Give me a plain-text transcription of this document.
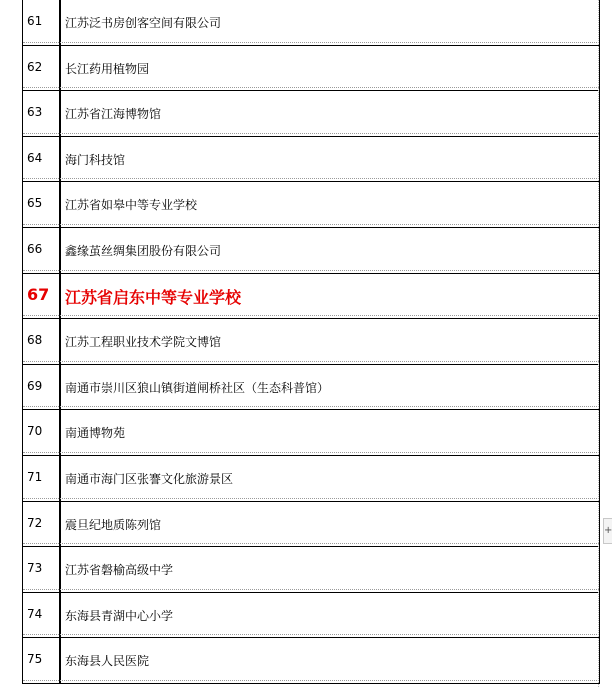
61 江苏泛书房创客空间有限公司
62 长江药用植物园
63 江苏省江海博物馆
64 海门科技馆
65 江苏省如皋中等专业学校
66 鑫缘茧丝绸集团股份有限公司
67 江苏省启东中等专业学校
68 江苏工程职业技术学院文博馆
69 南通市崇川区狼山镇街道闸桥社区（生态科普馆）
70 南通博物苑
71 南通市海门区张謇文化旅游景区
72 震旦纪地质陈列馆
73 江苏省磐榆高级中学
74 东海县青湖中心小学
75 东海县人民医院
+
